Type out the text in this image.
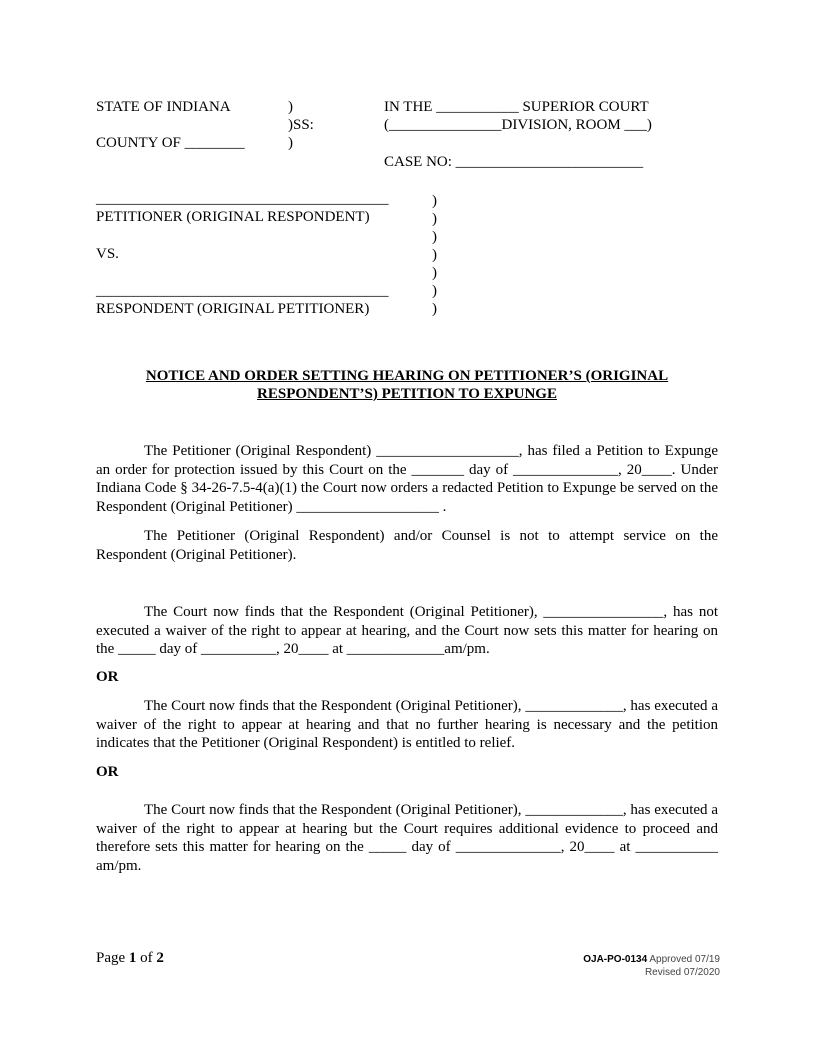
STATE OF INDIANA
COUNTY OF ________
)
)SS:
)
IN THE ___________ SUPERIOR COURT
(_______________DIVISION, ROOM ___)
CASE NO: _________________________
_______________________________________
PETITIONER (ORIGINAL RESPONDENT)
VS.
_______________________________________
RESPONDENT (ORIGINAL PETITIONER)
)
)
)
)
)
)
)
NOTICE AND ORDER SETTING HEARING ON PETITIONER’S (ORIGINAL
RESPONDENT’S) PETITION TO EXPUNGE

The Petitioner (Original Respondent) ___________________, has filed a Petition to Expunge an order for protection issued by this Court on the _______ day of ______________, 20____. Under Indiana Code § 34-26-7.5-4(a)(1) the Court now orders a redacted Petition to Expunge be served on the Respondent (Original Petitioner) ___________________ .

The Petitioner (Original Respondent) and/or Counsel is not to attempt service on the Respondent (Original Petitioner).

The Court now finds that the Respondent (Original Petitioner), ________________, has not executed a waiver of the right to appear at hearing, and the Court now sets this matter for hearing on the _____ day of __________, 20____ at _____________am/pm.

OR

The Court now finds that the Respondent (Original Petitioner), _____________, has executed a waiver of the right to appear at hearing and that no further hearing is necessary and the petition indicates that the Petitioner (Original Respondent) is entitled to relief.

OR

The Court now finds that the Respondent (Original Petitioner), _____________, has executed a waiver of the right to appear at hearing but the Court requires additional evidence to proceed and therefore sets this matter for hearing on the _____ day of ______________, 20____ at ___________ am/pm.

Page 1 of 2	OJA-PO-0134 Approved 07/19
Revised 07/2020
